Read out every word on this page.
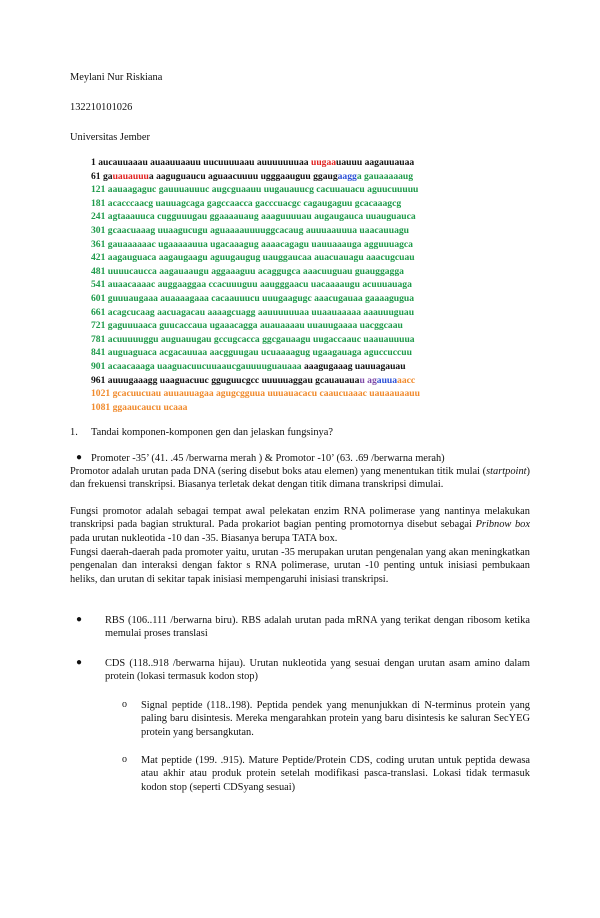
Meylani Nur Riskiana
132210101026
Universitas Jember
1 aucauuaaau auaauuaauu uucuuuuaau auuuuuuuaa uugaauauuu aagauuauaa
61 gauauauuua aaguguaucu aguaacuuuu ugggaauguu ggaugaagga gauaaaaaug
121 aauaagaguc gauuuauuuc augcguaauu uugauauucg cacuuauacu aguucuuuuu
181 acacccaacg uauuagcaga gagccaacca gacccuacgc cagaugaguu gcacaaagcg
241 agtaaauuca cugguuugau ggaaaauaug aaaguuuuau augaugauca uuauguauca
301 gcaacuaaag uuaagucugu aguaaaauuuuggcacaug auuuaauuua uaacauuagu
361 gauaaaaaac ugaaaaauua ugacaaagug aaaacagagu uauuaaauga agguuuagca
421 aagauguaca aagaugaagu aguugaugug uauggaucaa auacuauagu aaacugcuau
481 uuuucaucca aagauaaugu aggaaaguu acaggugca aaacuuguau guauggagga
541 auaacaaaac auggaaggaa ccacuuuguu aaugggaacu uacaaaaugu acuuuauaga
601 guuuaugaaa auaaaagaaa cacaauuucu uuugaagugc aaacugauaa gaaaagugua
661 acagcucaag aacuagacau aaaagcuagg aauuuuuuaa uuaauaaaaa aaauuuguau
721 gaguuuaaca guucaccaua ugaaacagga auauaaaau uuauugaaaa uacggcaau
781 acuuuuuggu auguauugau gccugcacca ggcgauaagu uugaccaauc uaauauuuua
841 auguaguaca acgacauuaa aacgguugau ucuaaaagug ugaagauaga aguccuccuu
901 acaacaaaga uaaguacuucuuaaucgauuuuguauaaa aaagugaaag uauuagauau
961 auuugaaagg uaaguacuuc gguguucgcc uuuuuaggau gcauauauau agauuaaacc
1021 gcacuucuau auuauuagaa agugcgguua uuuauacacu caaucuaaac uauaauaauu
1081 ggaaucaucu ucaaa
1. Tandai komponen-komponen gen dan jelaskan fungsinya?
● Promoter -35’ (41. .45 /berwarna merah ) & Promotor -10’ (63. .69 /berwarna merah)
Promotor adalah urutan pada DNA (sering disebut boks atau elemen) yang menentukan titik mulai (startpoint) dan frekuensi transkripsi. Biasanya terletak dekat dengan titik dimana transkripsi dimulai.
Fungsi promotor adalah sebagai tempat awal pelekatan enzim RNA polimerase yang nantinya melakukan transkripsi pada bagian struktural. Pada prokariot bagian penting promotornya disebut sebagai Pribnow box pada urutan nukleotida -10 dan -35. Biasanya berupa TATA box.
Fungsi daerah-daerah pada promoter yaitu, urutan -35 merupakan urutan pengenalan yang akan meningkatkan pengenalan dan interaksi dengan faktor s RNA polimerase, urutan -10 penting untuk inisiasi pembukaan heliks, dan urutan di sekitar tapak inisiasi mempengaruhi inisiasi transkripsi.
● RBS (106..111 /berwarna biru). RBS adalah urutan pada mRNA yang terikat dengan ribosom ketika memulai proses translasi
● CDS (118..918 /berwarna hijau). Urutan nukleotida yang sesuai dengan urutan asam amino dalam protein (lokasi termasuk kodon stop)
o Signal peptide (118..198). Peptida pendek yang menunjukkan di N-terminus protein yang paling baru disintesis. Mereka mengarahkan protein yang baru disintesis ke saluran SecYEG protein yang bersangkutan.
o Mat peptide (199. .915). Mature Peptide/Protein CDS, coding urutan untuk peptida dewasa atau akhir atau produk protein setelah modifikasi pasca-translasi. Lokasi tidak termasuk kodon stop (seperti CDSyang sesuai)
